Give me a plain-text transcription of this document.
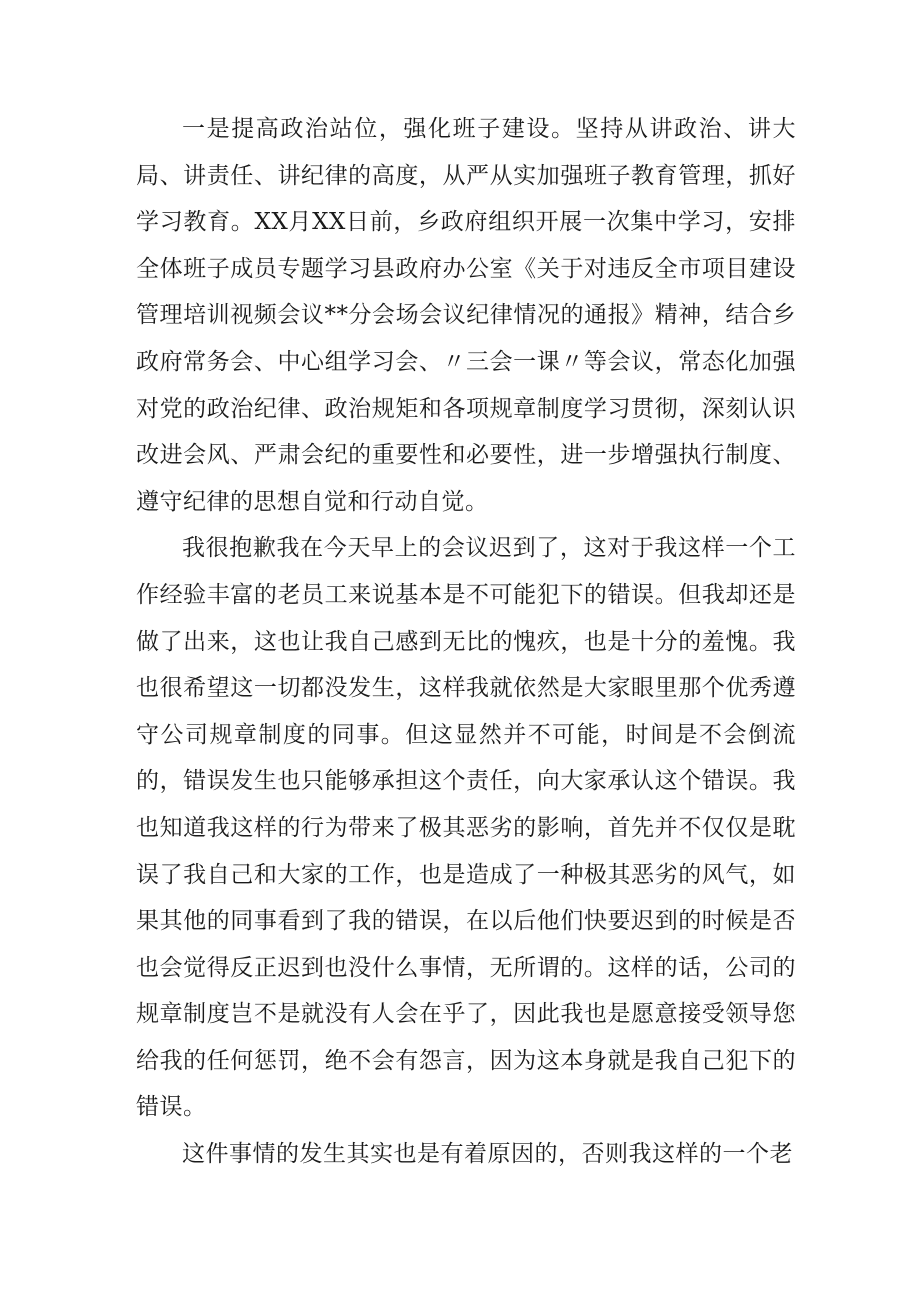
一是提高政治站位，强化班子建设。坚持从讲政治、讲大局、讲责任、讲纪律的高度，从严从实加强班子教育管理，抓好学习教育。XX月XX日前，乡政府组织开展一次集中学习，安排全体班子成员专题学习县政府办公室《关于对违反全市项目建设管理培训视频会议**分会场会议纪律情况的通报》精神，结合乡政府常务会、中心组学习会、〃三会一课〃等会议，常态化加强对党的政治纪律、政治规矩和各项规章制度学习贯彻，深刻认识改进会风、严肃会纪的重要性和必要性，进一步增强执行制度、遵守纪律的思想自觉和行动自觉。

我很抱歉我在今天早上的会议迟到了，这对于我这样一个工作经验丰富的老员工来说基本是不可能犯下的错误。但我却还是做了出来，这也让我自己感到无比的愧疚，也是十分的羞愧。我也很希望这一切都没发生，这样我就依然是大家眼里那个优秀遵守公司规章制度的同事。但这显然并不可能，时间是不会倒流的，错误发生也只能够承担这个责任，向大家承认这个错误。我也知道我这样的行为带来了极其恶劣的影响，首先并不仅仅是耽误了我自己和大家的工作，也是造成了一种极其恶劣的风气，如果其他的同事看到了我的错误，在以后他们快要迟到的时候是否也会觉得反正迟到也没什么事情，无所谓的。这样的话，公司的规章制度岂不是就没有人会在乎了，因此我也是愿意接受领导您给我的任何惩罚，绝不会有怨言，因为这本身就是我自己犯下的错误。

这件事情的发生其实也是有着原因的，否则我这样的一个老
